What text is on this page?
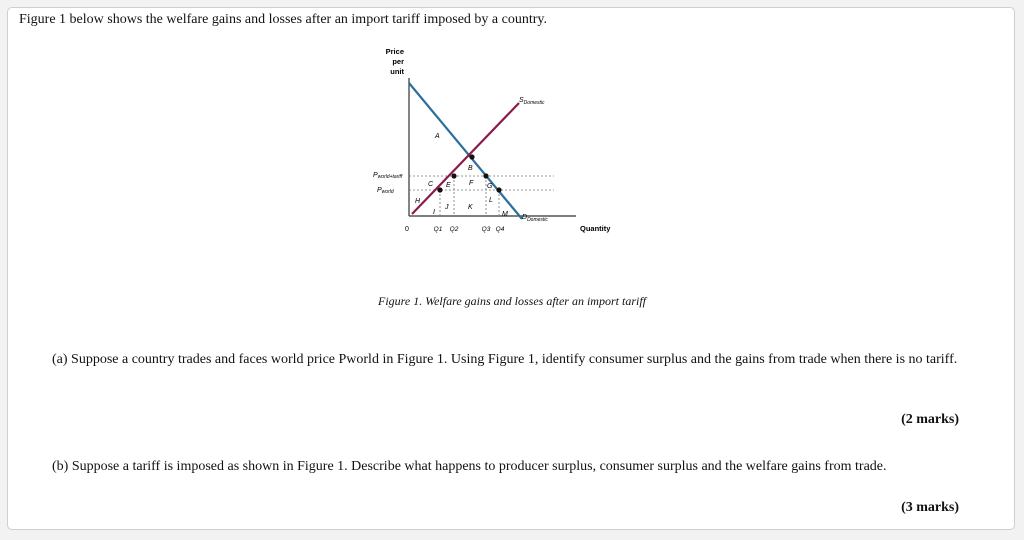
Figure 1 below shows the welfare gains and losses after an import tariff imposed by a country.
Price
per
unit
0	Quantity
$S_{Domestic}$
$D_{Domestic}$
Pworld+tariff
Pworld
A
B
C E	F G
H
I
J	K
L
M
Q1 Q2	Q3 Q4
Figure 1. Welfare gains and losses after an import tariff
(a) Suppose a country trades and faces world price Pworld in Figure 1. Using Figure 1, identify consumer surplus and the gains from trade when there is no tariff.
(2 marks)
(b) Suppose a tariff is imposed as shown in Figure 1. Describe what happens to producer surplus, consumer surplus and the welfare gains from trade.
(3 marks)
